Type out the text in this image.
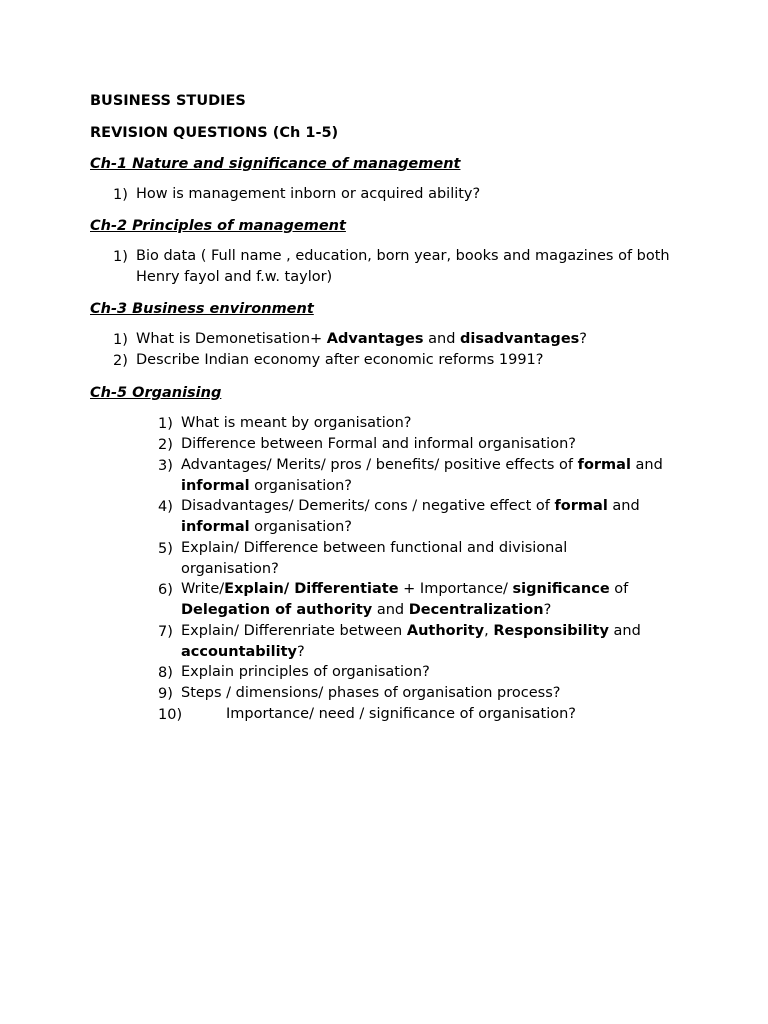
BUSINESS STUDIES
REVISION QUESTIONS (Ch 1-5)
Ch-1 Nature and significance of management
1) How is management inborn or acquired ability?
Ch-2 Principles of management
1) Bio data ( Full name , education, born year, books and magazines of both Henry fayol and f.w. taylor)
Ch-3 Business environment
1) What is Demonetisation+ Advantages and disadvantages?
2) Describe Indian economy after economic reforms 1991?
Ch-5 Organising
1) What is meant by organisation?
2) Difference between Formal and informal organisation?
3) Advantages/ Merits/ pros / benefits/ positive effects of formal and informal organisation?
4) Disadvantages/ Demerits/ cons / negative effect of formal and informal organisation?
5) Explain/ Difference between functional and divisional organisation?
6) Write/Explain/ Differentiate + Importance/ significance of Delegation of authority and Decentralization?
7) Explain/ Differenriate between Authority, Responsibility and accountability?
8) Explain principles of organisation?
9) Steps / dimensions/ phases of organisation process?
10)	Importance/ need / significance of organisation?
